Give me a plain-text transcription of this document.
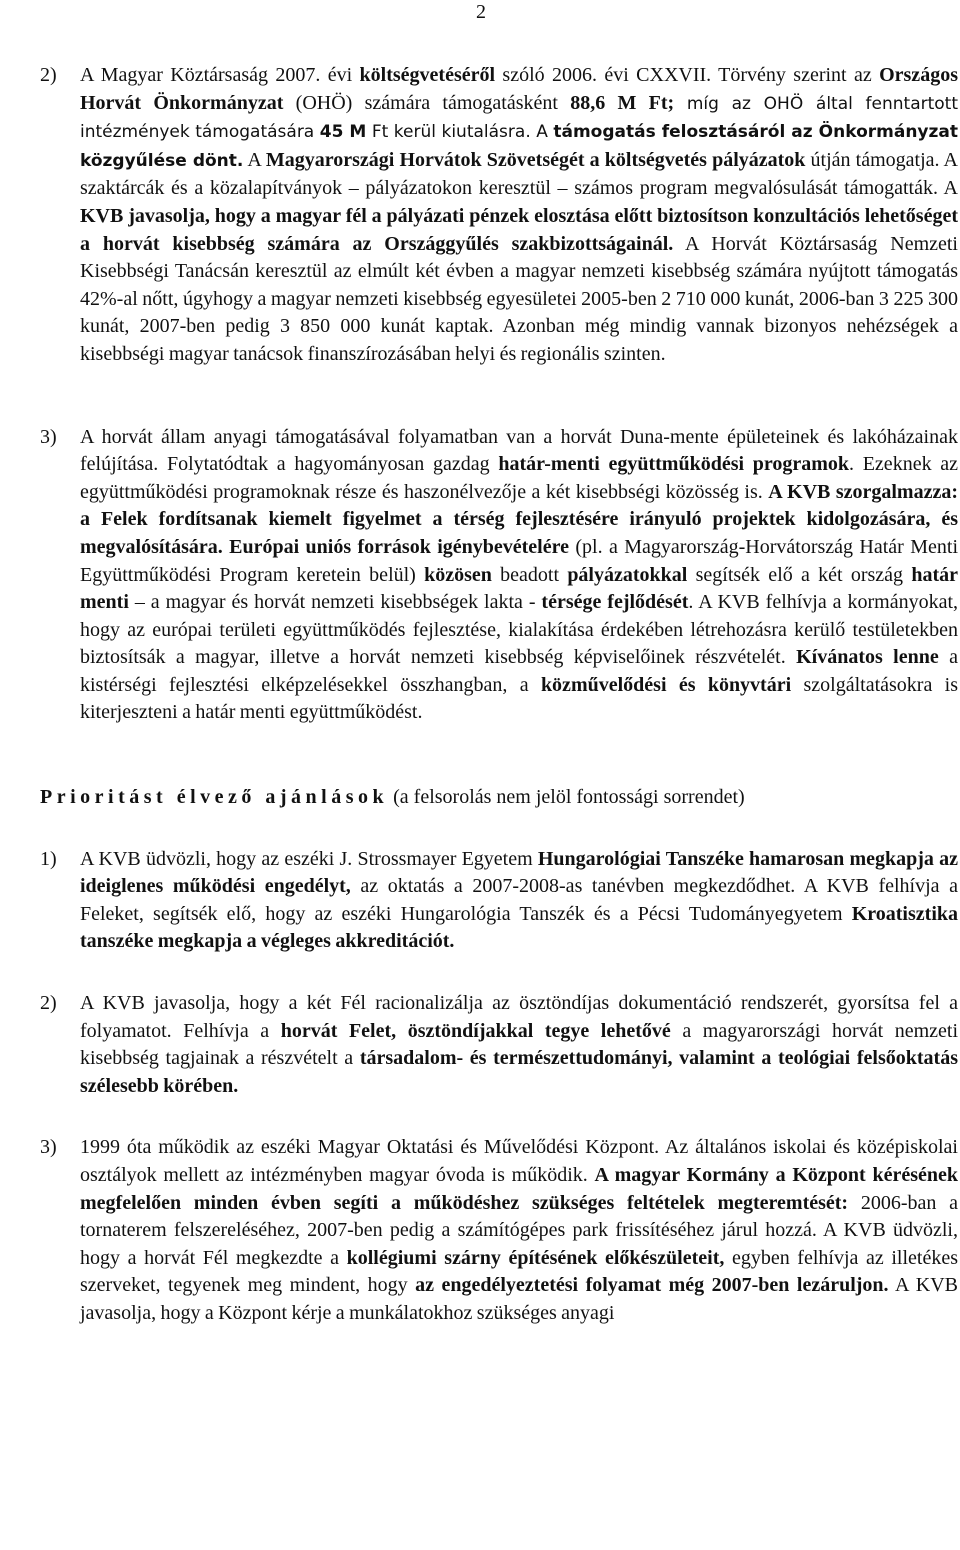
2
2)	A Magyar Köztársaság 2007. évi költségvetéséről szóló 2006. évi CXXVII. Törvény szerint az Országos Horvát Önkormányzat (OHÖ) számára támogatásként 88,6 M Ft; míg az OHÖ által fenntartott intézmények támogatására 45 M Ft kerül kiutalásra. A támogatás felosztásáról az Önkormányzat közgyűlése dönt. A Magyarországi Horvátok Szövetségét a költségvetés pályázatok útján támogatja. A szaktárcák és a közalapítványok – pályázatokon keresztül – számos program megvalósulását támogatták. A KVB javasolja, hogy a magyar fél a pályázati pénzek elosztása előtt biztosítson konzultációs lehetőséget a horvát kisebbség számára az Országgyűlés szakbizottságainál. A Horvát Köztársaság Nemzeti Kisebbségi Tanácsán keresztül az elmúlt két évben a magyar nemzeti kisebbség számára nyújtott támogatás 42%-al nőtt, úgyhogy a magyar nemzeti kisebbség egyesületei 2005-ben 2 710 000 kunát, 2006-ban 3 225 300 kunát, 2007-ben pedig 3 850 000 kunát kaptak. Azonban még mindig vannak bizonyos nehézségek a kisebbségi magyar tanácsok finanszírozásában helyi és regionális szinten.
3)	A horvát állam anyagi támogatásával folyamatban van a horvát Duna-mente épületeinek és lakóházainak felújítása. Folytatódtak a hagyományosan gazdag határ-menti együttműködési programok. Ezeknek az együttműködési programoknak része és haszonélvezője a két kisebbségi közösség is. A KVB szorgalmazza: a Felek fordítsanak kiemelt figyelmet a térség fejlesztésére irányuló projektek kidolgozására, és megvalósítására. Európai uniós források igénybevételére (pl. a Magyarország-Horvátország Határ Menti Együttműködési Program keretein belül) közösen beadott pályázatokkal segítsék elő a két ország határ menti – a magyar és horvát nemzeti kisebbségek lakta - térsége fejlődését. A KVB felhívja a kormányokat, hogy az európai területi együttműködés fejlesztése, kialakítása érdekében létrehozásra kerülő testületekben biztosítsák a magyar, illetve a horvát nemzeti kisebbség képviselőinek részvételét. Kívánatos lenne a kistérségi fejlesztési elképzelésekkel összhangban, a közművelődési és könyvtári szolgáltatásokra is kiterjeszteni a határ menti együttműködést.
Prioritást élvező ajánlások (a felsorolás nem jelöl fontossági sorrendet)
1)	A KVB üdvözli, hogy az eszéki J. Strossmayer Egyetem Hungarológiai Tanszéke hamarosan megkapja az ideiglenes működési engedélyt, az oktatás a 2007-2008-as tanévben megkezdődhet. A KVB felhívja a Feleket, segítsék elő, hogy az eszéki Hungarológia Tanszék és a Pécsi Tudományegyetem Kroatisztika tanszéke megkapja a végleges akkreditációt.
2)	A KVB javasolja, hogy a két Fél racionalizálja az ösztöndíjas dokumentáció rendszerét, gyorsítsa fel a folyamatot. Felhívja a horvát Felet, ösztöndíjakkal tegye lehetővé a magyarországi horvát nemzeti kisebbség tagjainak a részvételt a társadalom- és természettudományi, valamint a teológiai felsőoktatás szélesebb körében.
3)	1999 óta működik az eszéki Magyar Oktatási és Művelődési Központ. Az általános iskolai és középiskolai osztályok mellett az intézményben magyar óvoda is működik. A magyar Kormány a Központ kérésének megfelelően minden évben segíti a működéshez szükséges feltételek megteremtését: 2006-ban a tornaterem felszereléséhez, 2007-ben pedig a számítógépes park frissítéséhez járul hozzá. A KVB üdvözli, hogy a horvát Fél megkezdte a kollégiumi szárny építésének előkészületeit, egyben felhívja az illetékes szerveket, tegyenek meg mindent, hogy az engedélyeztetési folyamat még 2007-ben lezáruljon. A KVB javasolja, hogy a Központ kérje a munkálatokhoz szükséges anyagi
